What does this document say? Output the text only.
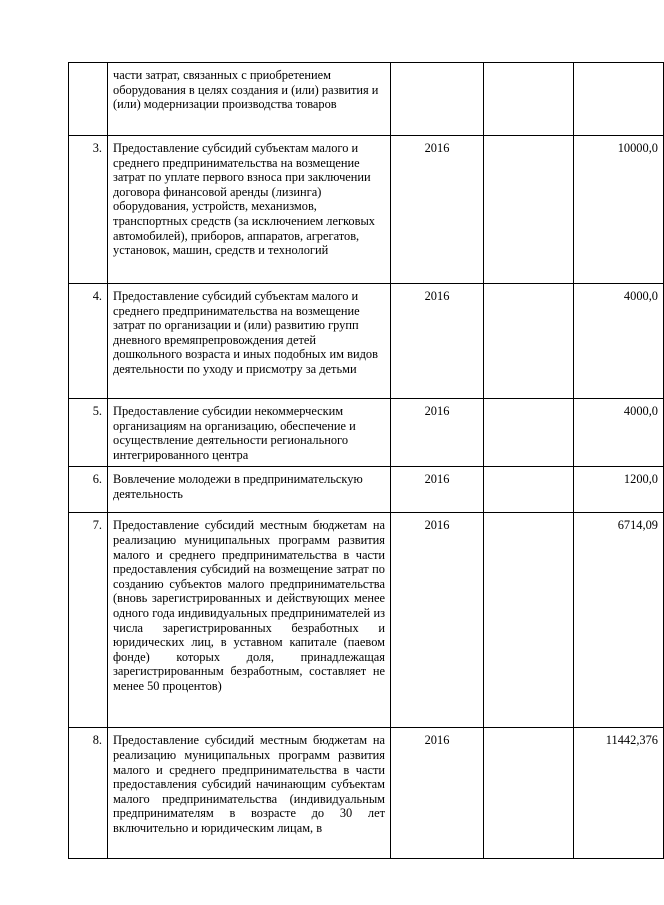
	части затрат, связанных с приобретением оборудования в целях создания и (или) развития и (или) модернизации производства товаров			
3.	Предоставление субсидий субъектам малого и среднего предпринимательства на возмещение затрат по уплате первого взноса при заключении договора финансовой аренды (лизинга) оборудования, устройств, механизмов, транспортных средств (за исключением легковых автомобилей), приборов, аппаратов, агрегатов, установок, машин, средств и технологий	2016		10000,0
4.	Предоставление субсидий субъектам малого и среднего предпринимательства на возмещение затрат по организации и (или) развитию групп дневного времяпрепровождения детей дошкольного возраста и иных подобных им видов деятельности по уходу и присмотру за детьми	2016		4000,0
5.	Предоставление субсидии некоммерческим организациям на организацию, обеспечение и осуществление деятельности регионального интегрированного центра	2016		4000,0
6.	Вовлечение молодежи в предпринимательскую деятельность	2016		1200,0
7.	Предоставление субсидий местным бюджетам на реализацию муниципальных программ развития малого и среднего предпринимательства в части предоставления субсидий на возмещение затрат по созданию субъектов малого предпринимательства (вновь зарегистрированных и действующих менее одного года индивидуальных предпринимателей из числа зарегистрированных безработных и юридических лиц, в уставном капитале (паевом фонде) которых доля, принадлежащая зарегистрированным безработным, составляет не менее 50 процентов)	2016		6714,09
8.	Предоставление субсидий местным бюджетам на реализацию муниципальных программ развития малого и среднего предпринимательства в части предоставления субсидий начинающим субъектам малого предпринимательства (индивидуальным предпринимателям в возрасте до 30 лет включительно и юридическим лицам, в	2016		11442,376
